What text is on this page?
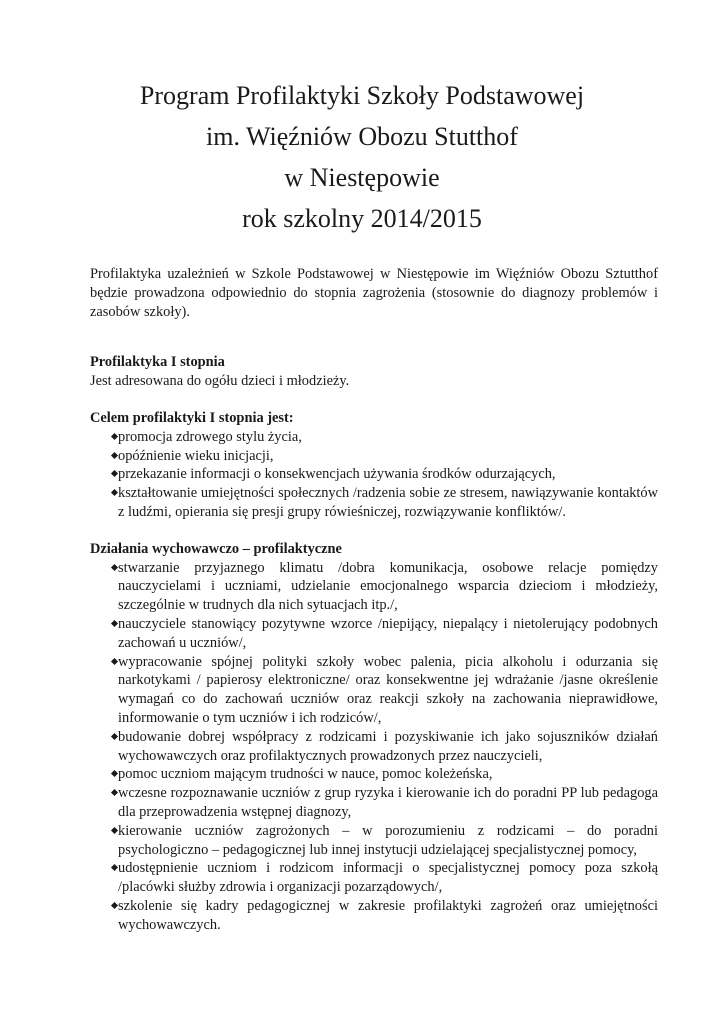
Program Profilaktyki Szkoły Podstawowej
im. Więźniów Obozu Stutthof
w Niestępowie
rok szkolny 2014/2015

Profilaktyka uzależnień w Szkole Podstawowej w Niestępowie im Więźniów Obozu Sztutthof będzie prowadzona odpowiednio do stopnia zagrożenia (stosownie do diagnozy problemów i zasobów szkoły).

Profilaktyka I stopnia

Jest adresowana do ogółu dzieci i młodzieży.

Celem profilaktyki I stopnia jest:

promocja zdrowego stylu życia,
opóźnienie wieku inicjacji,
przekazanie informacji o konsekwencjach używania środków odurzających,
kształtowanie umiejętności społecznych /radzenia sobie ze stresem, nawiązywanie kontaktów z ludźmi, opierania się presji grupy rówieśniczej, rozwiązywanie konfliktów/.

Działania wychowawczo – profilaktyczne

stwarzanie przyjaznego klimatu /dobra komunikacja, osobowe relacje pomiędzy nauczycielami i uczniami, udzielanie emocjonalnego wsparcia dzieciom i młodzieży, szczególnie w trudnych dla nich sytuacjach itp./,
nauczyciele stanowiący pozytywne wzorce /niepijący, niepalący i nietolerujący podobnych zachowań u uczniów/,
wypracowanie spójnej polityki szkoły wobec palenia, picia alkoholu i odurzania się narkotykami / papierosy elektroniczne/ oraz konsekwentne jej wdrażanie /jasne określenie wymagań co do zachowań uczniów oraz reakcji szkoły na zachowania nieprawidłowe, informowanie o tym uczniów i ich rodziców/,
budowanie dobrej współpracy z rodzicami i pozyskiwanie ich jako sojuszników działań wychowawczych oraz profilaktycznych prowadzonych przez nauczycieli,
pomoc uczniom mającym trudności w nauce, pomoc koleżeńska,
wczesne rozpoznawanie uczniów z grup ryzyka i kierowanie ich do poradni PP lub pedagoga dla przeprowadzenia wstępnej diagnozy,
kierowanie uczniów zagrożonych – w porozumieniu z rodzicami – do poradni psychologiczno – pedagogicznej lub innej instytucji udzielającej specjalistycznej pomocy,
udostępnienie uczniom i rodzicom informacji o specjalistycznej pomocy poza szkołą /placówki służby zdrowia i organizacji pozarządowych/,
szkolenie się kadry pedagogicznej w zakresie profilaktyki zagrożeń oraz umiejętności wychowawczych.
